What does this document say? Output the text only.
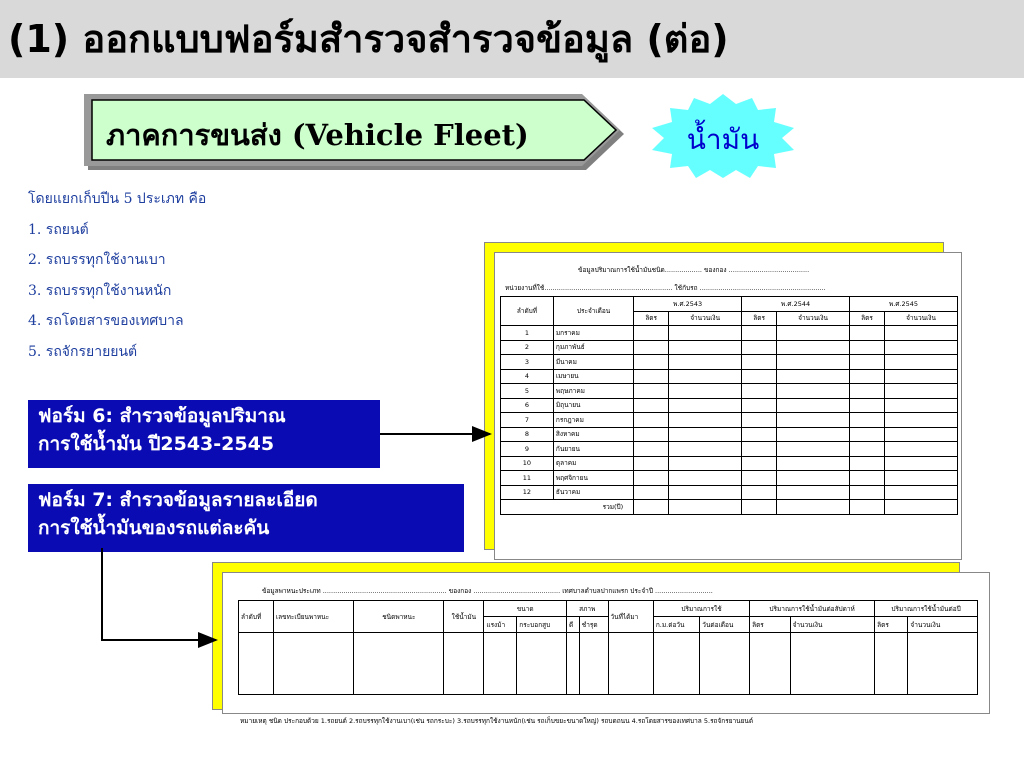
(1) ออกแบบฟอร์มสำรวจสำรวจข้อมูล (ต่อ)
ภาคการขนส่ง (Vehicle Fleet)	น้ำมัน
โดยแยกเก็บปีน 5 ประเภท คือ
1. รถยนต์
2. รถบรรทุกใช้งานเบา
3. รถบรรทุกใช้งานหนัก
4. รถโดยสารของเทศบาล
5. รถจักรยายยนต์
ฟอร์ม 6: สำรวจข้อมูลปริมาณ
การใช้น้ำมัน ปี2543-2545
ฟอร์ม 7: สำรวจข้อมูลรายละเอียด
การใช้น้ำมันของรถแต่ละคัน
ข้อมูลปริมาณการใช้น้ำมันชนิด.................. ของกอง .......................................
หน่วยงานที่ใช้.............................................................. ใช้กับรถ .............................................................
ลำดับที่	ประจำเดือน	พ.ศ.2543		พ.ศ.2544		พ.ศ.2545	
		ลิตร	จำนวนเงิน	ลิตร	จำนวนเงิน	ลิตร	จำนวนเงิน
1	มกราคม						
2	กุมภาพันธ์						
3	มีนาคม						
4	เมษายน						
5	พฤษภาคม						
6	มิถุนายน						
7	กรกฎาคม						
8	สิงหาคม						
9	กันยายน						
10	ตุลาคม						
11	พฤศจิกายน						
12	ธันวาคม						
รวม(ปี)							
ข้อมูลพาหนะประเภท ............................................................ ของกอง .......................................... เทศบาลตำบลปากแพรก ประจำปี ............................
ลำดับที่	เลขทะเบียนพาหนะ	ชนิดพาหนะ	ใช้น้ำมัน	ขนาด		สภาพ		วันที่ได้มา	ปริมาณการใช้		ปริมาณการใช้น้ำมันต่อสัปดาห์		ปริมาณการใช้น้ำมันต่อปี	
				แรงม้า	กระบอกสูบ	ดี	ชำรุด		ก.ม.ต่อวัน	วันต่อเดือน	ลิตร	จำนวนเงิน	ลิตร	จำนวนเงิน

หมายเหตุ ชนิด ประกอบด้วย 1.รถยนต์ 2.รถบรรทุกใช้งานเบา(เช่น รถกระบะ) 3.รถบรรทุกใช้งานหนัก(เช่น รถเก็บขยะขนาดใหญ่) รถบดถนน 4.รถโดยสารของเทศบาล 5.รถจักรยานยนต์
